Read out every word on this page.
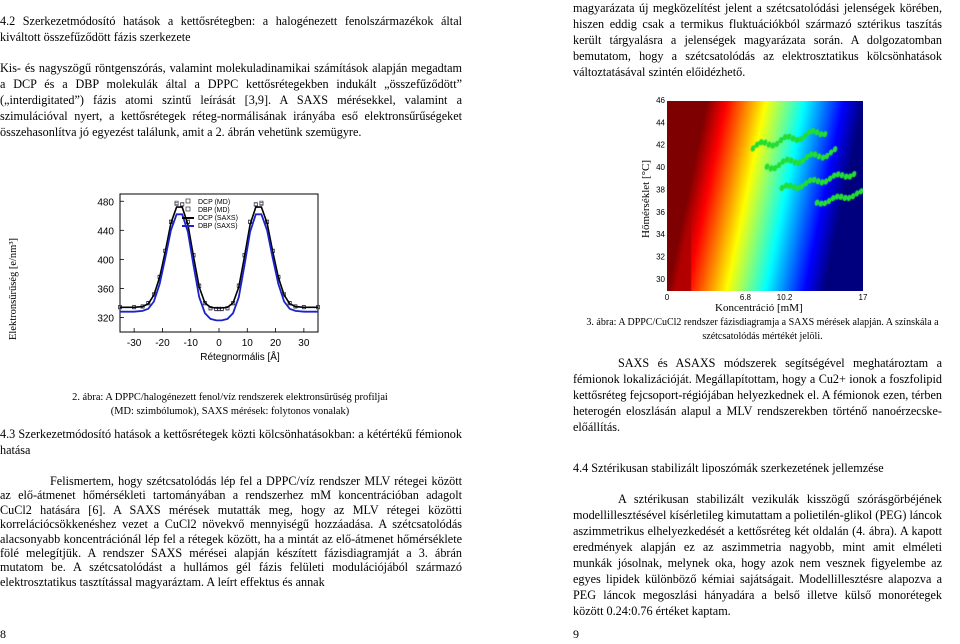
4.2 Szerkezetmódosító hatások a kettősrétegben: a halogénezett fenolszármazékok által kiváltott összefűződött fázis szerkezete

Kis- és nagyszögű röntgenszórás, valamint molekuladinamikai számítások alapján megadtam a DCP és a DBP molekulák által a DPPC kettősrétegekben indukált „összefűződött” („interdigitated”) fázis atomi szintű leírását [3,9]. A SAXS mérésekkel, valamint a szimulációval nyert, a kettősrétegek réteg-normálisának irányába eső elektronsűrűségeket összehasonlítva jó egyezést találunk, amit a 2. ábrán vehetünk szemügyre.

320
360
400
440
480
-30 -20 -10 0 10 20 30
DCP (MD)
DBP (MD)
DCP (SAXS)
DBP (SAXS)
Rétegnormális [Å]
Elektronsűrűség [e/nm³]

2. ábra: A DPPC/halogénezett fenol/víz rendszerek elektronsűrűség profiljai (MD: szimbólumok), SAXS mérések: folytonos vonalak)

4.3 Szerkezetmódosító hatások a kettősrétegek közti kölcsönhatásokban: a kétértékű fémionok hatása

Felismertem, hogy szétcsatolódás lép fel a DPPC/víz rendszer MLV rétegei között az elő-átmenet hőmérsékleti tartományában a rendszerhez mM koncentrációban adagolt CuCl2 hatására [6]. A SAXS mérések mutatták meg, hogy az MLV rétegei közötti korrelációcsökkenéshez vezet a CuCl2 növekvő mennyiségű hozzáadása. A szétcsatolódás alacsonyabb koncentrációnál lép fel a rétegek között, ha a mintát az elő-átmenet hőmérséklete fölé melegítjük. A rendszer SAXS mérései alapján készített fázisdiagramját a 3. ábrán mutatom be. A szétcsatolódást a hullámos gél fázis felületi modulációjából származó elektrosztatikus tasztítással magyaráztam. A leírt effektus és annak

8

magyarázata új megközelítést jelent a szétcsatolódási jelenségek körében, hiszen eddig csak a termikus fluktuációkból származó sztérikus taszítás került tárgyalásra a jelenségek magyarázata során. A dolgozatomban bemutatom, hogy a szétcsatolódás az elektrosztatikus kölcsönhatások változtatásával szintén előidézhető.

30
32
34
36
38
40
42
44
46
0	6.8	10.2	17
Hőmérséklet [°C]
Koncentráció [mM]

3. ábra: A DPPC/CuCl2 rendszer fázisdiagramja a SAXS mérések alapján. A színskála a szétcsatolódás mértékét jelöli.

SAXS és ASAXS módszerek segítségével meghatároztam a fémionok lokalizációját. Megállapítottam, hogy a Cu2+ ionok a foszfolipid kettősréteg fejcsoport-régiójában helyezkednek el. A fémionok ezen, térben heterogén eloszlásán alapul a MLV rendszerekben történő nanoérzecske-előállítás.

4.4 Sztérikusan stabilizált liposzómák szerkezetének jellemzése

A sztérikusan stabilizált vezikulák kisszögű szórásgörbéjének modellillesztésével kísérletileg kimutattam a polietilén-glikol (PEG) láncok aszimmetrikus elhelyezkedését a kettősréteg két oldalán (4. ábra). A kapott eredmények alapján ez az aszimmetria nagyobb, mint amit elméleti munkák jósolnak, melynek oka, hogy azok nem vesznek figyelembe az egyes lipidek különböző kémiai sajátságait. Modellillesztésre alapozva a PEG láncok megoszlási hányadára a belső illetve külső monorétegek között 0.24:0.76 értéket kaptam.

9
